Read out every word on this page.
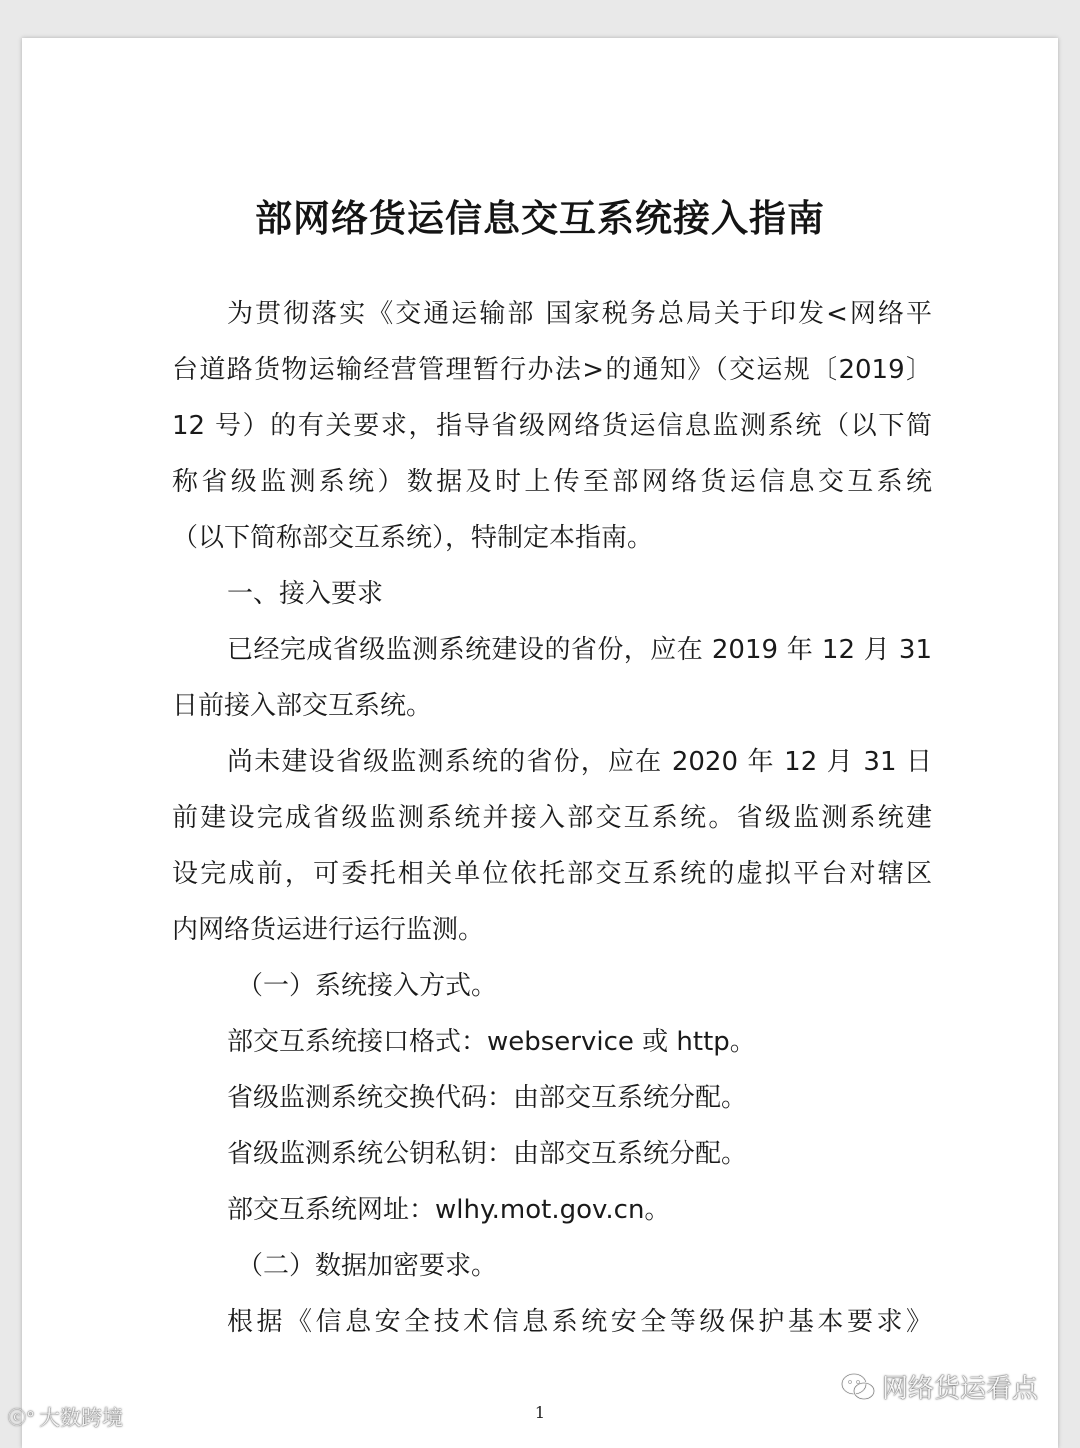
部网络货运信息交互系统接入指南
为贯彻落实《交通运输部 国家税务总局关于印发<网络平
台道路货物运输经营管理暂行办法>的通知》（交运规〔2019〕
12 号）的有关要求，指导省级网络货运信息监测系统（以下简
称省级监测系统）数据及时上传至部网络货运信息交互系统
（以下简称部交互系统），特制定本指南。
一、接入要求
已经完成省级监测系统建设的省份，应在 2019 年 12 月 31
日前接入部交互系统。
尚未建设省级监测系统的省份，应在 2020 年 12 月 31 日
前建设完成省级监测系统并接入部交互系统。省级监测系统建
设完成前，可委托相关单位依托部交互系统的虚拟平台对辖区
内网络货运进行运行监测。
（一）系统接入方式。
部交互系统接口格式：webservice 或 http。
省级监测系统交换代码：由部交互系统分配。
省级监测系统公钥私钥：由部交互系统分配。
部交互系统网址：wlhy.mot.gov.cn。
（二）数据加密要求。
根据《信息安全技术信息系统安全等级保护基本要求》
1
ⓒ° 大数跨境
网络货运看点
